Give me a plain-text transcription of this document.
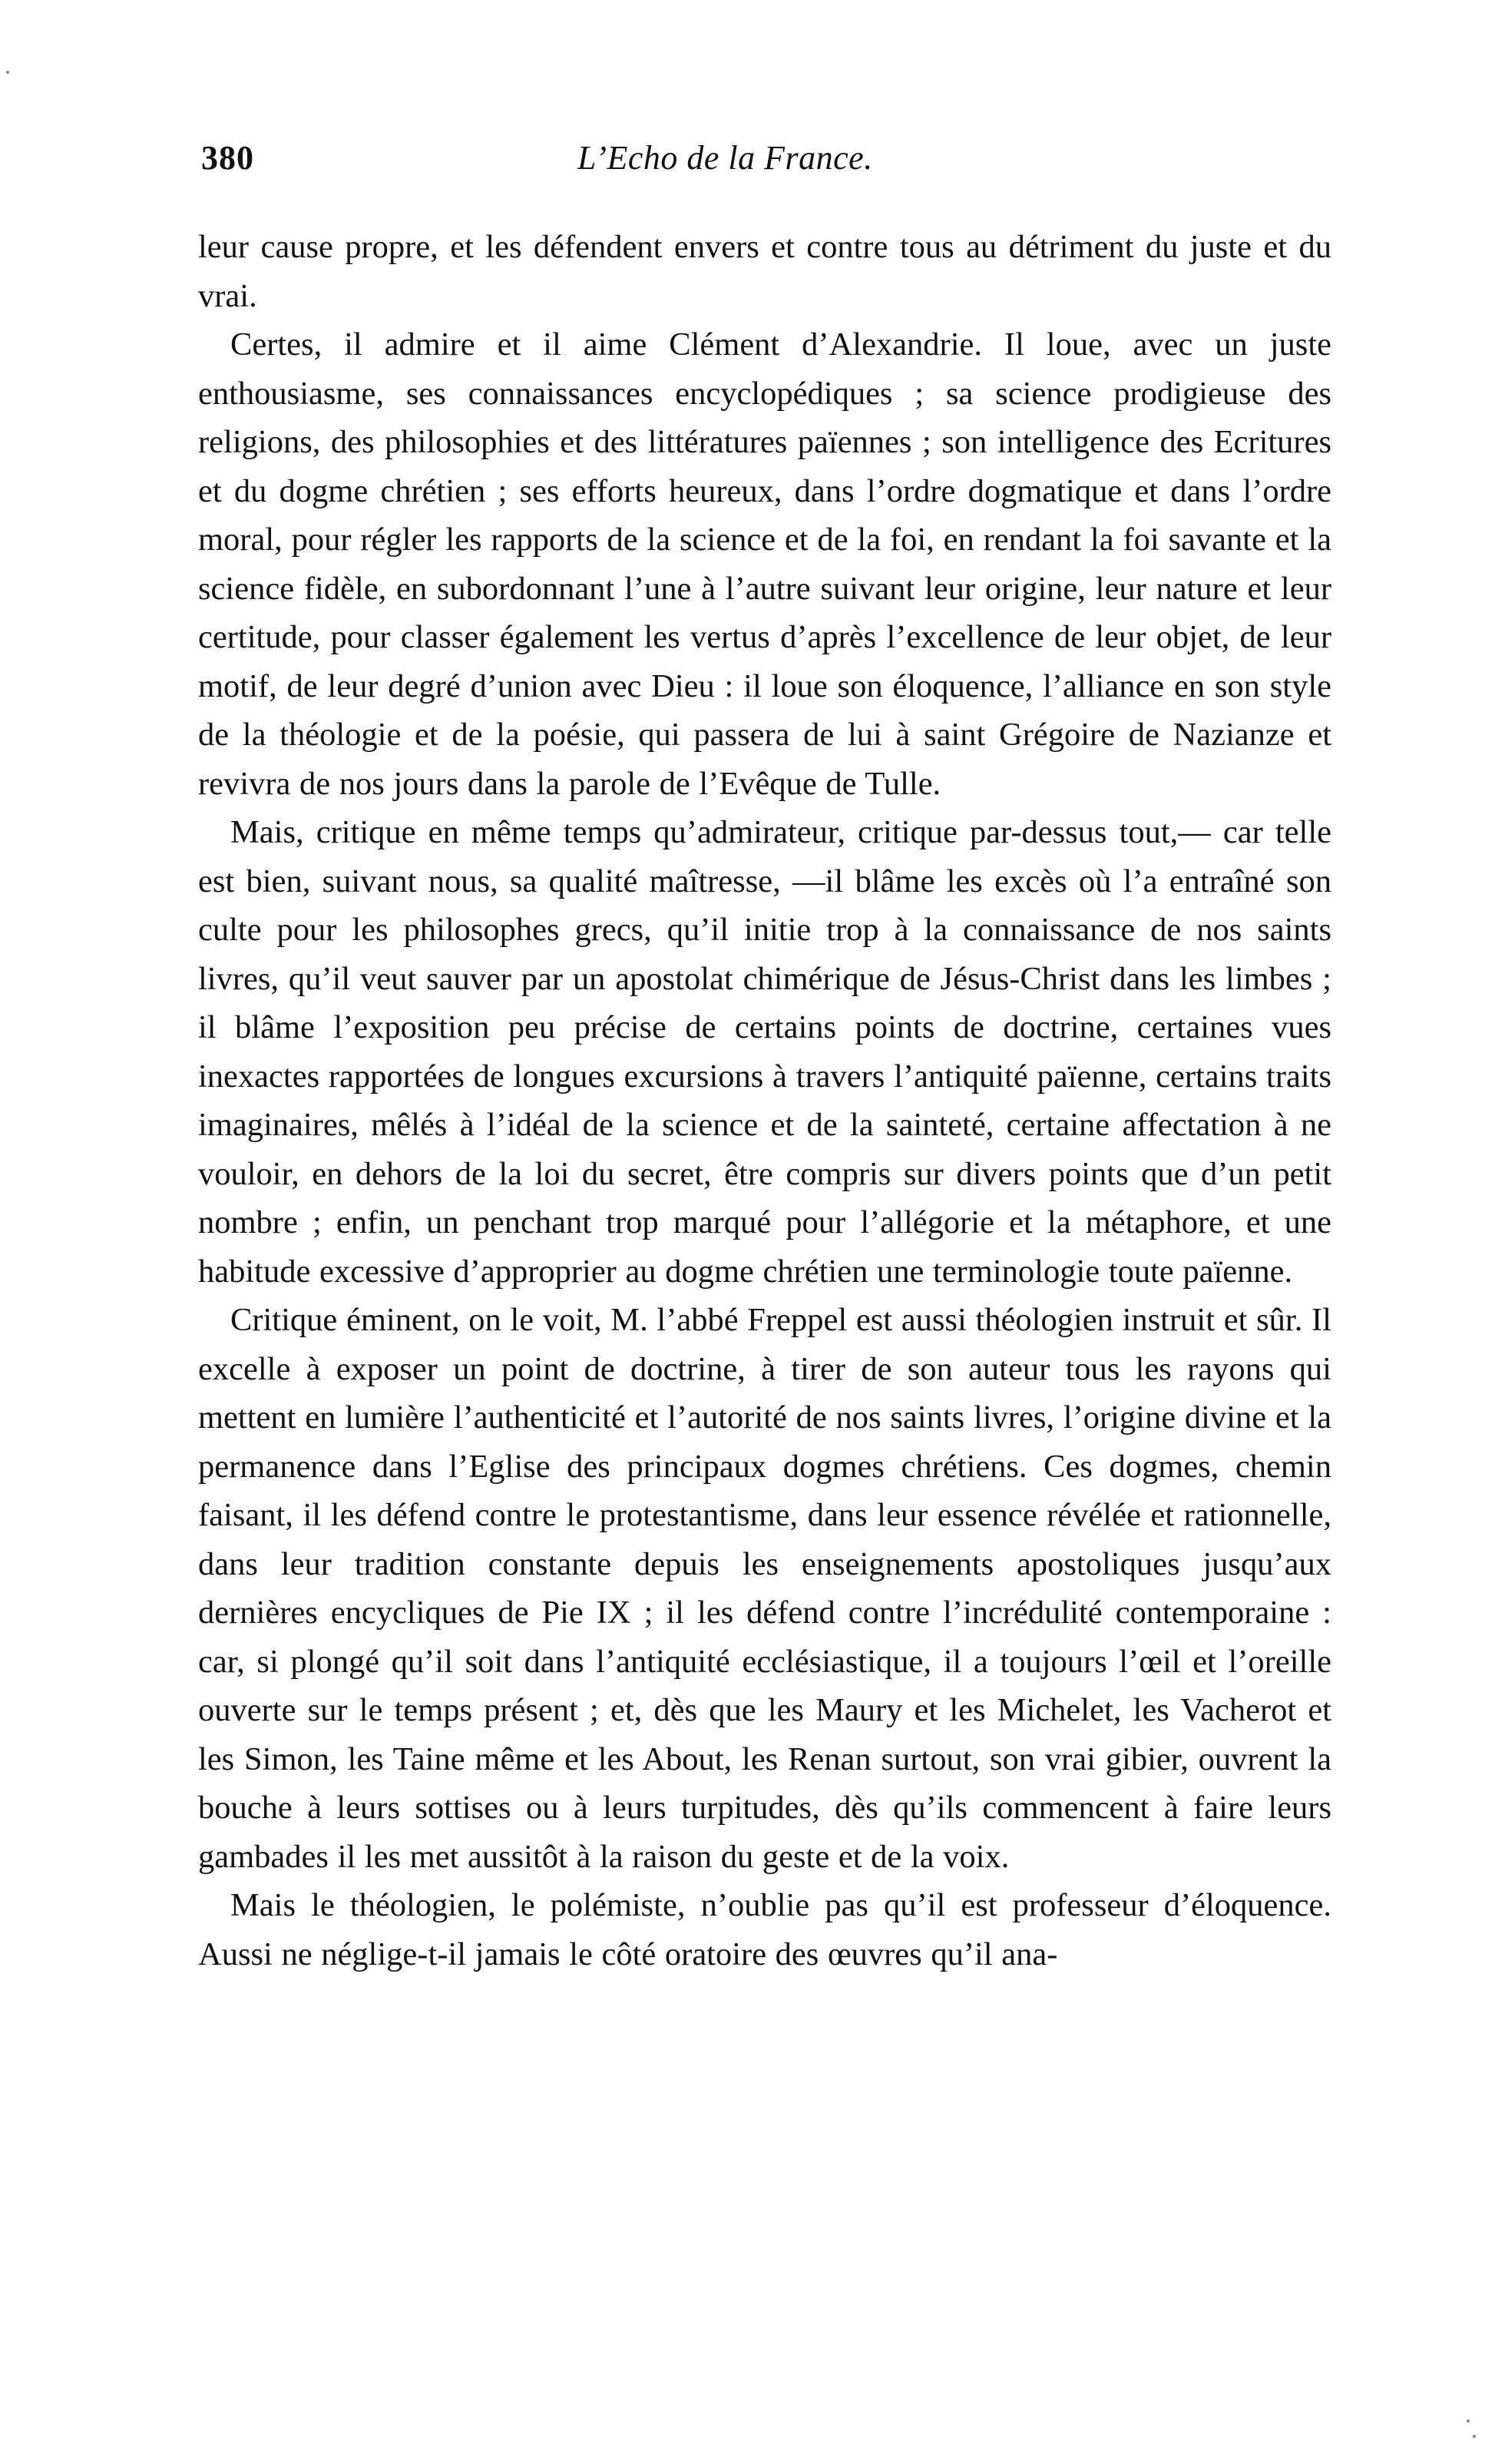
380	L’Echo de la France.

leur cause propre, et les défendent envers et contre tous au détriment du juste et du vrai.

Certes, il admire et il aime Clément d’Alexandrie. Il loue, avec un juste enthousiasme, ses connaissances encyclopédiques ; sa science prodigieuse des religions, des philosophies et des littératures païennes ; son intelligence des Ecritures et du dogme chrétien ; ses efforts heureux, dans l’ordre dogmatique et dans l’ordre moral, pour régler les rapports de la science et de la foi, en rendant la foi savante et la science fidèle, en subordonnant l’une à l’autre suivant leur origine, leur nature et leur certitude, pour classer également les vertus d’après l’excellence de leur objet, de leur motif, de leur degré d’union avec Dieu : il loue son éloquence, l’alliance en son style de la théologie et de la poésie, qui passera de lui à saint Grégoire de Nazianze et revivra de nos jours dans la parole de l’Evêque de Tulle.

Mais, critique en même temps qu’admirateur, critique par-dessus tout,— car telle est bien, suivant nous, sa qualité maîtresse, —il blâme les excès où l’a entraîné son culte pour les philosophes grecs, qu’il initie trop à la connaissance de nos saints livres, qu’il veut sauver par un apostolat chimérique de Jésus-Christ dans les limbes ; il blâme l’exposition peu précise de certains points de doctrine, certaines vues inexactes rapportées de longues excursions à travers l’antiquité païenne, certains traits imaginaires, mêlés à l’idéal de la science et de la sainteté, certaine affectation à ne vouloir, en dehors de la loi du secret, être compris sur divers points que d’un petit nombre ; enfin, un penchant trop marqué pour l’allégorie et la métaphore, et une habitude excessive d’approprier au dogme chrétien une terminologie toute païenne.

Critique éminent, on le voit, M. l’abbé Freppel est aussi théologien instruit et sûr. Il excelle à exposer un point de doctrine, à tirer de son auteur tous les rayons qui mettent en lumière l’authenticité et l’autorité de nos saints livres, l’origine divine et la permanence dans l’Eglise des principaux dogmes chrétiens. Ces dogmes, chemin faisant, il les défend contre le protestantisme, dans leur essence révélée et rationnelle, dans leur tradition constante depuis les enseignements apostoliques jusqu’aux dernières encycliques de Pie IX ; il les défend contre l’incrédulité contemporaine : car, si plongé qu’il soit dans l’antiquité ecclésiastique, il a toujours l’œil et l’oreille ouverte sur le temps présent ; et, dès que les Maury et les Michelet, les Vacherot et les Simon, les Taine même et les About, les Renan surtout, son vrai gibier, ouvrent la bouche à leurs sottises ou à leurs turpitudes, dès qu’ils commencent à faire leurs gambades il les met aussitôt à la raison du geste et de la voix.

Mais le théologien, le polémiste, n’oublie pas qu’il est professeur d’éloquence. Aussi ne néglige-t-il jamais le côté oratoire des œuvres qu’il ana-
